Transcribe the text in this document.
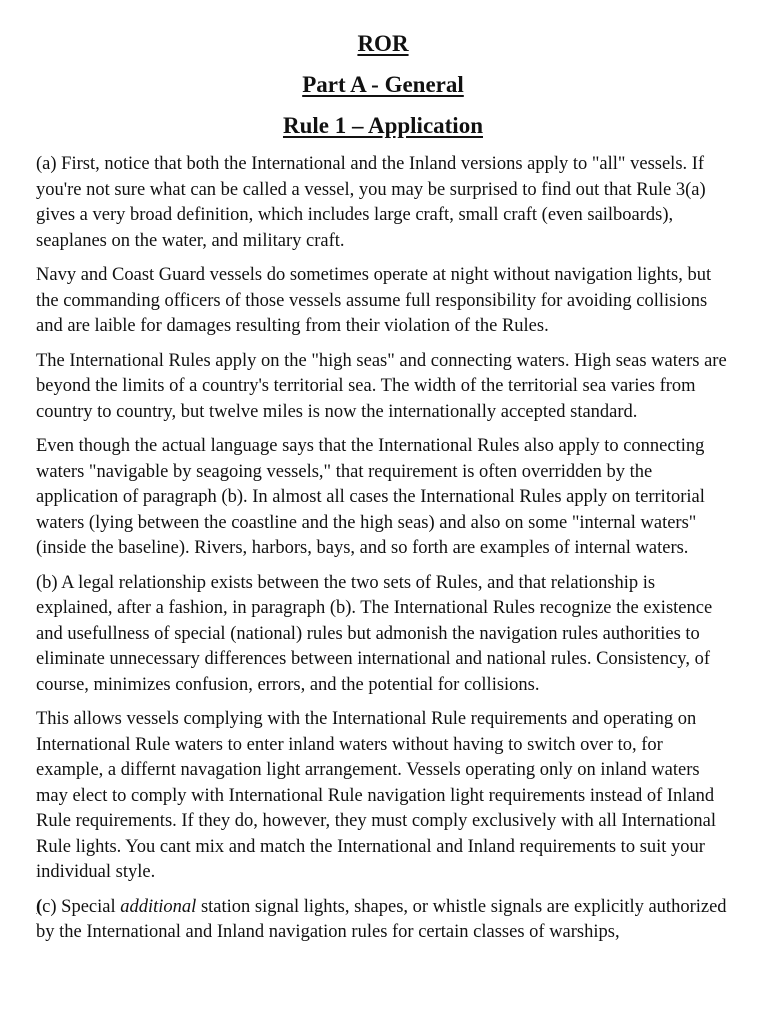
ROR
Part A - General
Rule 1 – Application

(a) First, notice that both the International and the Inland versions apply to "all" vessels. If you're not sure what can be called a vessel, you may be surprised to find out that Rule 3(a) gives a very broad definition, which includes large craft, small craft (even sailboards), seaplanes on the water, and military craft.

Navy and Coast Guard vessels do sometimes operate at night without navigation lights, but the commanding officers of those vessels assume full responsibility for avoiding collisions and are laible for damages resulting from their violation of the Rules.

The International Rules apply on the "high seas" and connecting waters. High seas waters are beyond the limits of a country's territorial sea. The width of the territorial sea varies from country to country, but twelve miles is now the internationally accepted standard.

Even though the actual language says that the International Rules also apply to connecting waters "navigable by seagoing vessels," that requirement is often overridden by the application of paragraph (b). In almost all cases the International Rules apply on territorial waters (lying between the coastline and the high seas) and also on some "internal waters" (inside the baseline). Rivers, harbors, bays, and so forth are examples of internal waters.

(b) A legal relationship exists between the two sets of Rules, and that relationship is explained, after a fashion, in paragraph (b). The International Rules recognize the existence and usefullness of special (national) rules but admonish the navigation rules authorities to eliminate unnecessary differences between international and national rules. Consistency, of course, minimizes confusion, errors, and the potential for collisions.

This allows vessels complying with the International Rule requirements and operating on International Rule waters to enter inland waters without having to switch over to, for example, a differnt navagation light arrangement. Vessels operating only on inland waters may elect to comply with International Rule navigation light requirements instead of Inland Rule requirements. If they do, however, they must comply exclusively with all International Rule lights. You cant mix and match the International and Inland requirements to suit your individual style.

(c) Special additional station signal lights, shapes, or whistle signals are explicitly authorized by the International and Inland navigation rules for certain classes of warships,
